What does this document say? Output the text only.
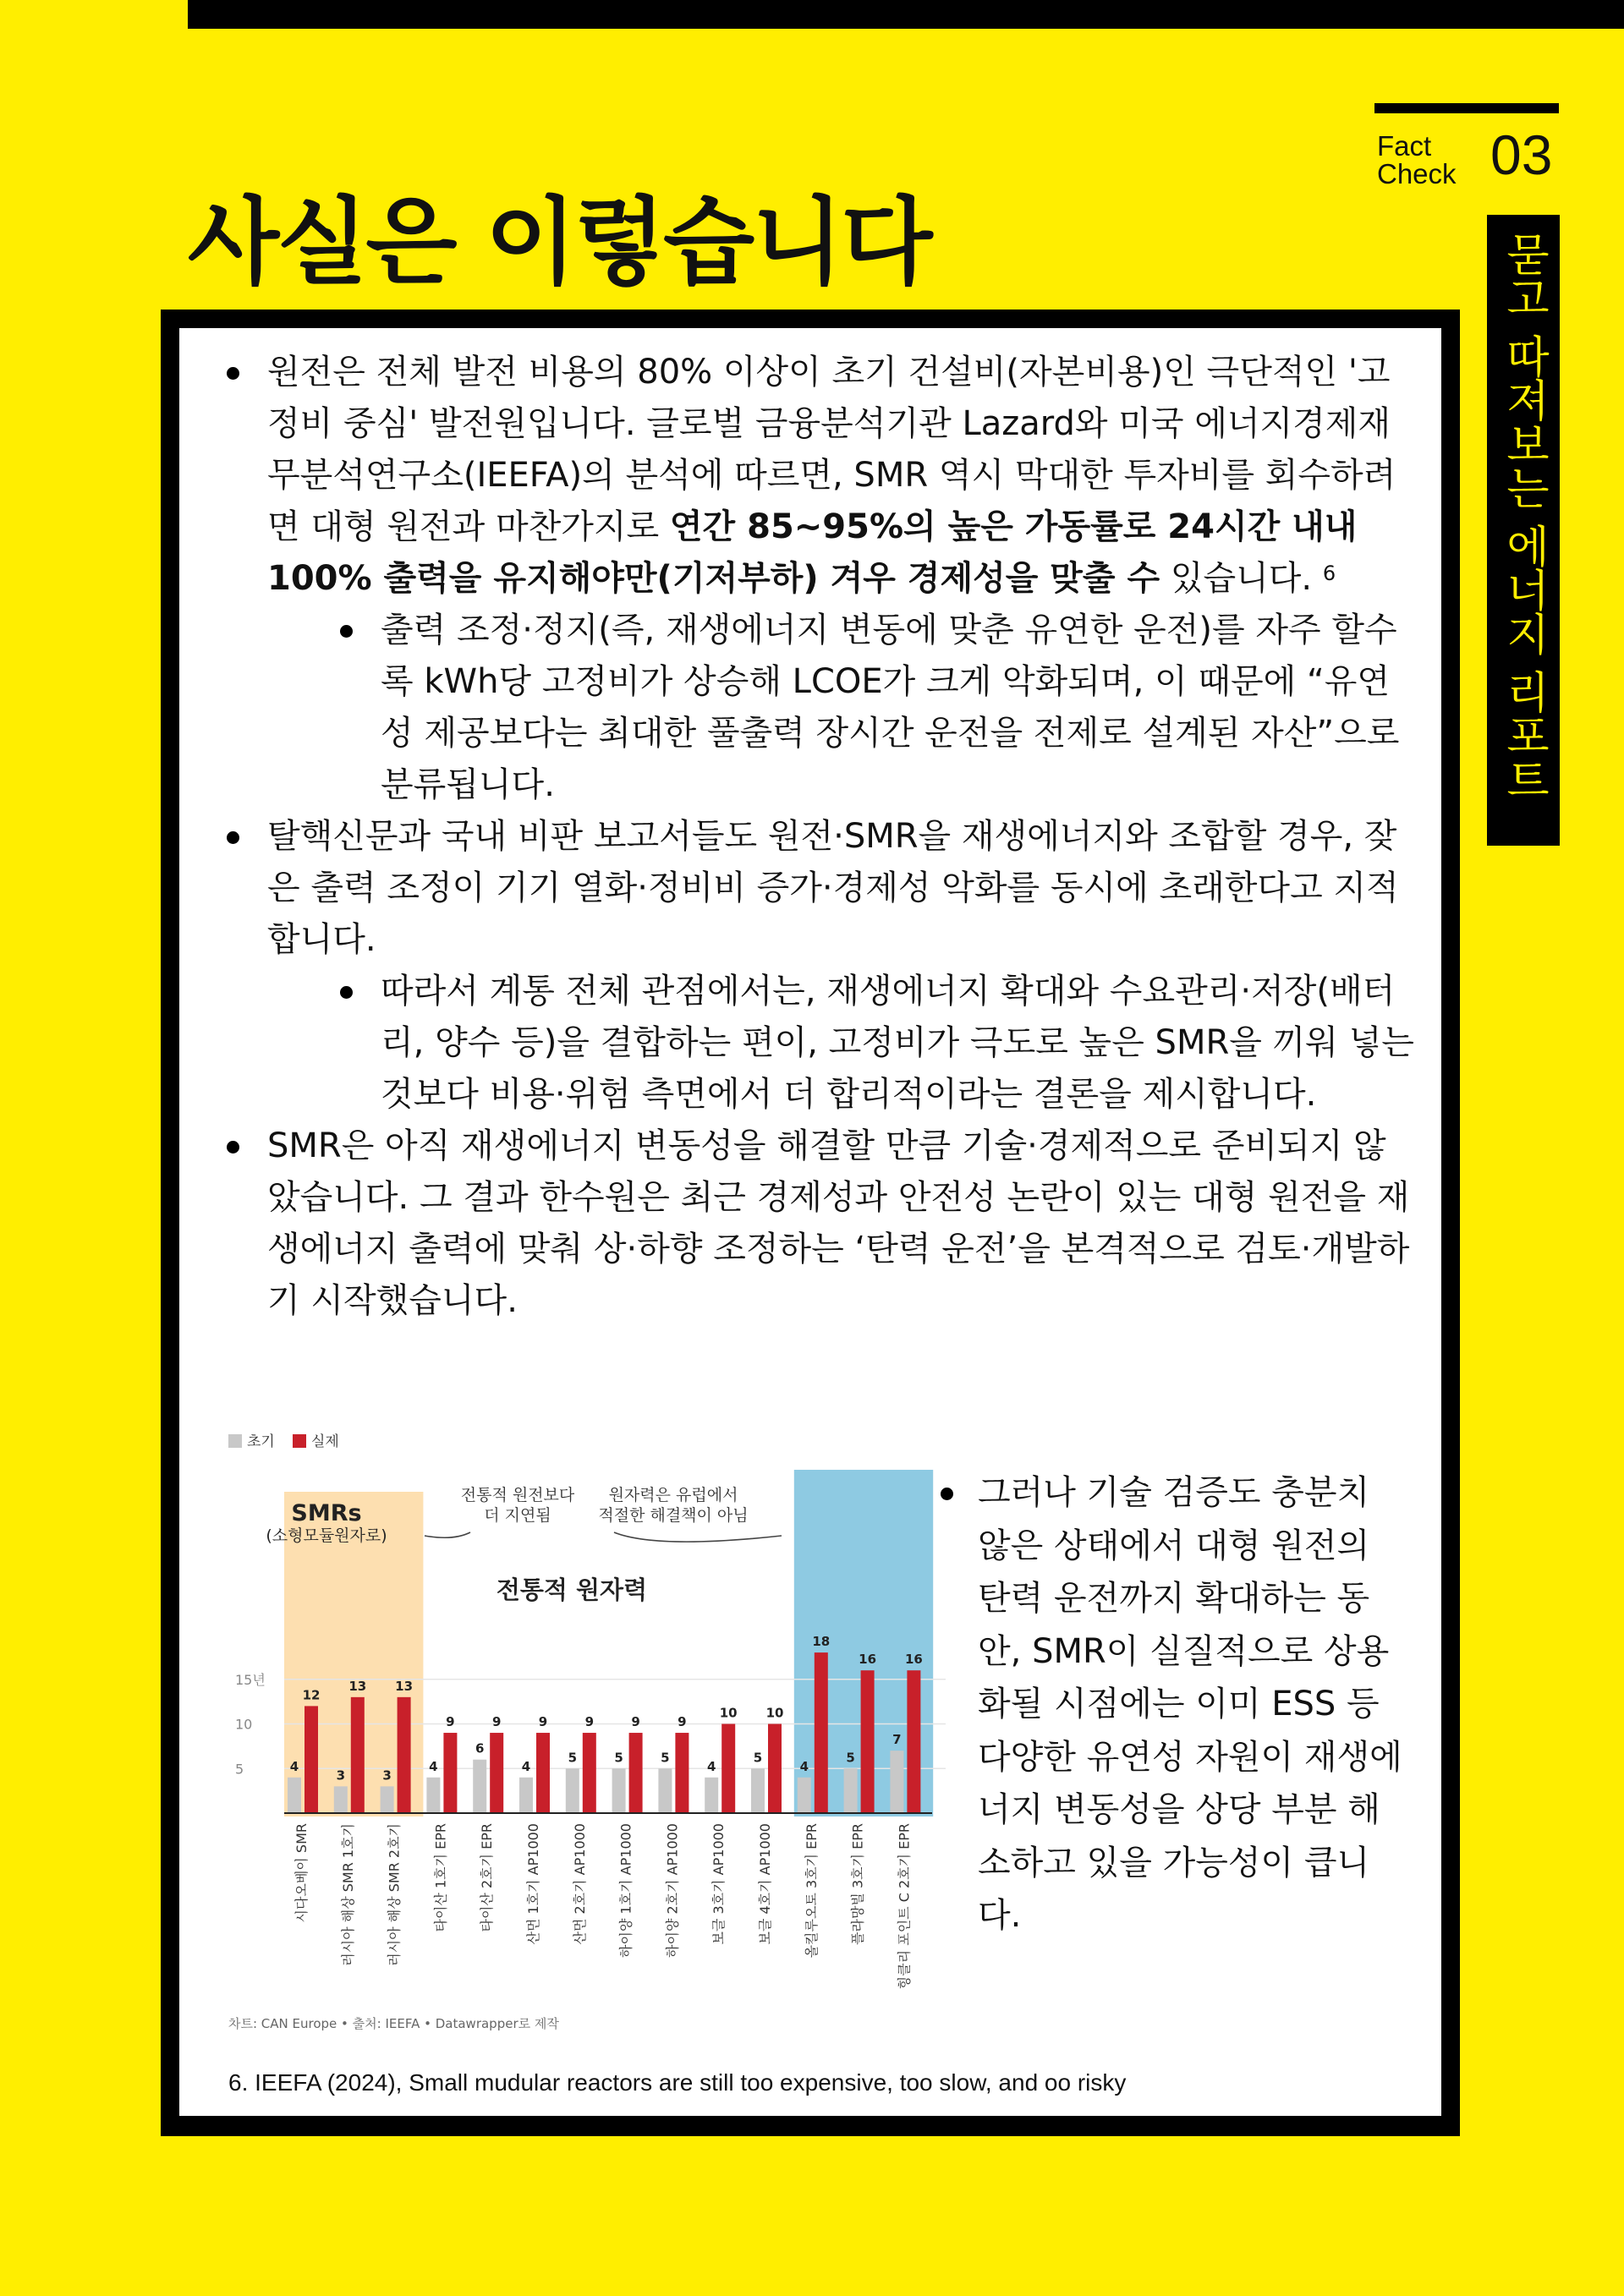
Fact
Check 03
묻고 따져보는 에너지 리포트
사실은 이렇습니다

원전은 전체 발전 비용의 80% 이상이 초기 건설비(자본비용)인 극단적인 '고정비 중심' 발전원입니다. 글로벌 금융분석기관 Lazard와 미국 에너지경제재무분석연구소(IEEFA)의 분석에 따르면, SMR 역시 막대한 투자비를 회수하려면 대형 원전과 마찬가지로 연간 85~95%의 높은 가동률로 24시간 내내 100% 출력을 유지해야만(기저부하) 겨우 경제성을 맞출 수 있습니다. $^6$

출력 조정·정지(즉, 재생에너지 변동에 맞춘 유연한 운전)를 자주 할수록 kWh당 고정비가 상승해 LCOE가 크게 악화되며, 이 때문에 “유연성 제공보다는 최대한 풀출력 장시간 운전을 전제로 설계된 자산”으로 분류됩니다.

탈핵신문과 국내 비판 보고서들도 원전·SMR을 재생에너지와 조합할 경우, 잦은 출력 조정이 기기 열화·정비비 증가·경제성 악화를 동시에 초래한다고 지적합니다.

따라서 계통 전체 관점에서는, 재생에너지 확대와 수요관리·저장(배터리, 양수 등)을 결합하는 편이, 고정비가 극도로 높은 SMR을 끼워 넣는 것보다 비용·위험 측면에서 더 합리적이라는 결론을 제시합니다.

SMR은 아직 재생에너지 변동성을 해결할 만큼 기술·경제적으로 준비되지 않았습니다. 그 결과 한수원은 최근 경제성과 안전성 논란이 있는 대형 원전을 재생에너지 출력에 맞춰 상·하향 조정하는 ‘탄력 운전’을 본격적으로 검토·개발하기 시작했습니다.

5
10
15년
초기	실제
SMRs
(소형모듈원자로)
전통적 원자력
전통적 원전보다
더 지연됨
원자력은 유럽에서
적절한 해결책이 아님
4
12
시다오베이 SMR
3
13
러시아 해상 SMR 1호기
3
13
러시아 해상 SMR 2호기
4
9
타이산 1호기 EPR
6
9
타이산 2호기 EPR
4
9
산먼 1호기 AP1000
5
9
산먼 2호기 AP1000
5
9
하이양 1호기 AP1000
5
9
하이양 2호기 AP1000
4
10
보글 3호기 AP1000
5
10
보글 4호기 AP1000
4
18
올킬루오토 3호기 EPR
5
16
플라망빌 3호기 EPR
7
16
힝클리 포인트 C 2호기 EPR
차트: CAN Europe • 출처: IEEFA • Datawrapper로 제작

그러나 기술 검증도 충분치 않은 상태에서 대형 원전의 탄력 운전까지 확대하는 동안, SMR이 실질적으로 상용화될 시점에는 이미 ESS 등 다양한 유연성 자원이 재생에너지 변동성을 상당 부분 해소하고 있을 가능성이 큽니다.

6. IEEFA (2024), Small mudular reactors are still too expensive, too slow, and oo risky
